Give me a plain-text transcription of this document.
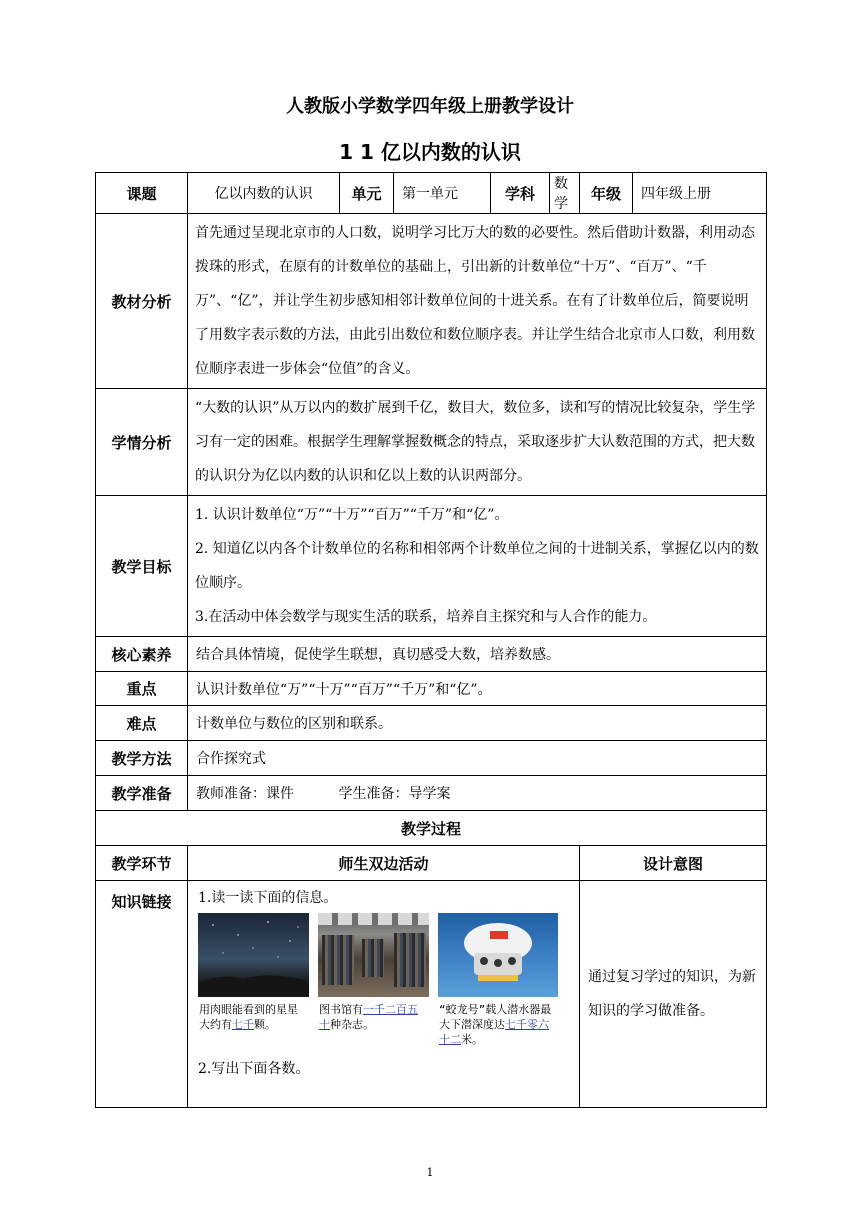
人教版小学数学四年级上册教学设计
1 1 亿以内数的认识
课题	亿以内数的认识	单元	第一单元	学科	数学	年级	四年级上册
教材分析	首先通过呈现北京市的人口数，说明学习比万大的数的必要性。然后借助计数器，利用动态拨珠的形式，在原有的计数单位的基础上，引出新的计数单位“十万”、“百万”、“千万”、“亿”，并让学生初步感知相邻计数单位间的十进关系。在有了计数单位后，简要说明了用数字表示数的方法，由此引出数位和数位顺序表。并让学生结合北京市人口数，利用数位顺序表进一步体会“位值”的含义。						
学情分析	“大数的认识”从万以内的数扩展到千亿，数目大，数位多，读和写的情况比较复杂，学生学习有一定的困难。根据学生理解掌握数概念的特点，采取逐步扩大认数范围的方式，把大数的认识分为亿以内数的认识和亿以上数的认识两部分。						
教学目标	1. 认识计数单位“万”“十万”“百万”“千万”和“亿”。
2. 知道亿以内各个计数单位的名称和相邻两个计数单位之间的十进制关系，掌握亿以内的数位顺序。
3.在活动中体会数学与现实生活的联系，培养自主探究和与人合作的能力。						

核心素养	结合具体情境，促使学生联想，真切感受大数，培养数感。						
重点	认识计数单位“万”“十万”“百万”“千万”和“亿”。						
难点	计数单位与数位的区别和联系。						
教学方法	合作探究式						
教学准备	教师准备：课件          学生准备：导学案						
教学过程							
教学环节	师生双边活动					设计意图	
知识链接	1.读一读下面的信息。
用肉眼能看到的星星大约有七千颗。
图书馆有一千二百五十种杂志。
“蛟龙号”载人潜水器最大下潜深度达七千零六十二米。
2.写出下面各数。					通过复习学过的知识，为新知识的学习做准备。	
1
